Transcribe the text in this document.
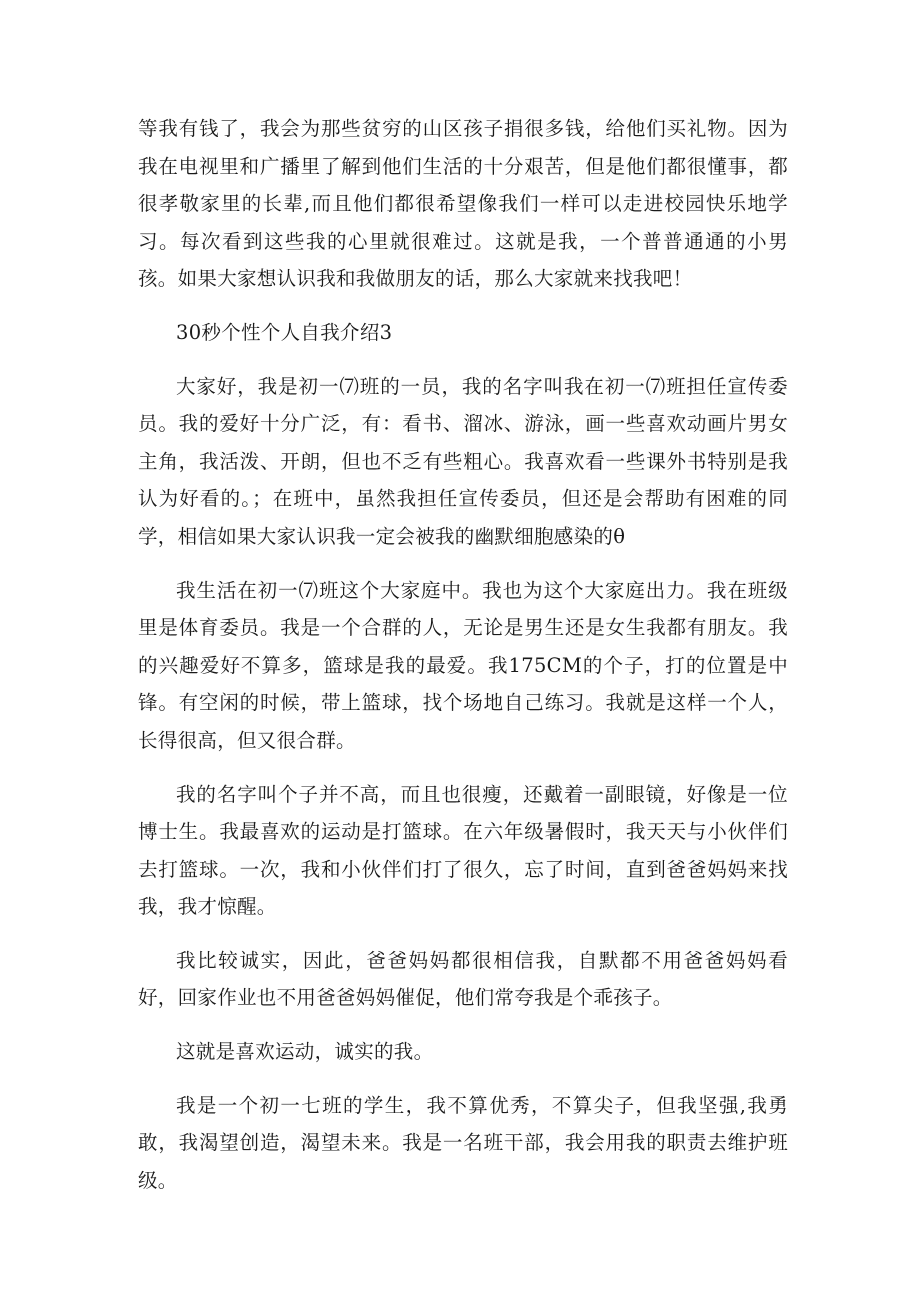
等我有钱了，我会为那些贫穷的山区孩子捐很多钱，给他们买礼物。因为我在电视里和广播里了解到他们生活的十分艰苦，但是他们都很懂事，都很孝敬家里的长辈,而且他们都很希望像我们一样可以走进校园快乐地学习。每次看到这些我的心里就很难过。这就是我，一个普普通通的小男孩。如果大家想认识我和我做朋友的话，那么大家就来找我吧！

30秒个性个人自我介绍3

大家好，我是初一⑺班的一员，我的名字叫我在初一⑺班担任宣传委员。我的爱好十分广泛，有：看书、溜冰、游泳，画一些喜欢动画片男女主角，我活泼、开朗，但也不乏有些粗心。我喜欢看一些课外书特别是我认为好看的。；在班中，虽然我担任宣传委员，但还是会帮助有困难的同学，相信如果大家认识我一定会被我的幽默细胞感染的θ

我生活在初一⑺班这个大家庭中。我也为这个大家庭出力。我在班级里是体育委员。我是一个合群的人，无论是男生还是女生我都有朋友。我的兴趣爱好不算多，篮球是我的最爱。我175CM的个子，打的位置是中锋。有空闲的时候，带上篮球，找个场地自己练习。我就是这样一个人，长得很高，但又很合群。

我的名字叫个子并不高，而且也很瘦，还戴着一副眼镜，好像是一位博士生。我最喜欢的运动是打篮球。在六年级暑假时，我天天与小伙伴们去打篮球。一次，我和小伙伴们打了很久，忘了时间，直到爸爸妈妈来找我，我才惊醒。

我比较诚实，因此，爸爸妈妈都很相信我，自默都不用爸爸妈妈看好，回家作业也不用爸爸妈妈催促，他们常夸我是个乖孩子。

这就是喜欢运动，诚实的我。

我是一个初一七班的学生，我不算优秀，不算尖子，但我坚强,我勇敢，我渴望创造，渴望未来。我是一名班干部，我会用我的职责去维护班级。
